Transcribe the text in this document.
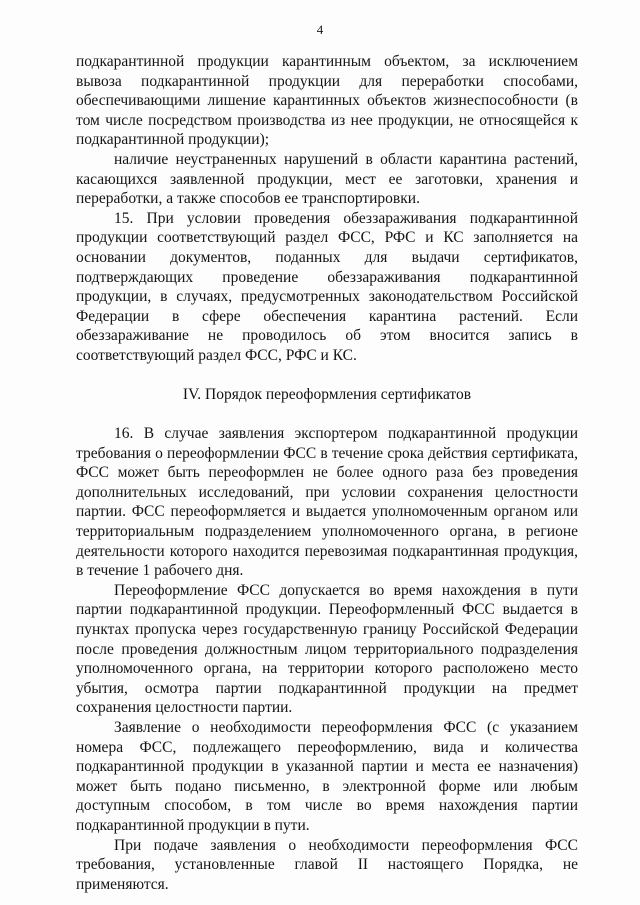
4

подкарантинной продукции карантинным объектом, за исключением вывоза подкарантинной продукции для переработки способами, обеспечивающими лишение карантинных объектов жизнеспособности (в том числе посредством производства из нее продукции, не относящейся к подкарантинной продукции);

наличие неустраненных нарушений в области карантина растений, касающихся заявленной продукции, мест ее заготовки, хранения и переработки, а также способов ее транспортировки.

15. При условии проведения обеззараживания подкарантинной продукции соответствующий раздел ФСС, РФС и КС заполняется на основании документов, поданных для выдачи сертификатов, подтверждающих проведение обеззараживания подкарантинной продукции, в случаях, предусмотренных законодательством Российской Федерации в сфере обеспечения карантина растений. Если обеззараживание не проводилось об этом вносится запись в соответствующий раздел ФСС, РФС и КС.

IV. Порядок переоформления сертификатов

16. В случае заявления экспортером подкарантинной продукции требования о переоформлении ФСС в течение срока действия сертификата, ФСС может быть переоформлен не более одного раза без проведения дополнительных исследований, при условии сохранения целостности партии. ФСС переоформляется и выдается уполномоченным органом или территориальным подразделением уполномоченного органа, в регионе деятельности которого находится перевозимая подкарантинная продукция, в течение 1 рабочего дня.

Переоформление ФСС допускается во время нахождения в пути партии подкарантинной продукции. Переоформленный ФСС выдается в пунктах пропуска через государственную границу Российской Федерации после проведения должностным лицом территориального подразделения уполномоченного органа, на территории которого расположено место убытия, осмотра партии подкарантинной продукции на предмет сохранения целостности партии.

Заявление о необходимости переоформления ФСС (с указанием номера ФСС, подлежащего переоформлению, вида и количества подкарантинной продукции в указанной партии и места ее назначения) может быть подано письменно, в электронной форме или любым доступным способом, в том числе во время нахождения партии подкарантинной продукции в пути.

При подаче заявления о необходимости переоформления ФСС требования, установленные главой II настоящего Порядка, не применяются.
